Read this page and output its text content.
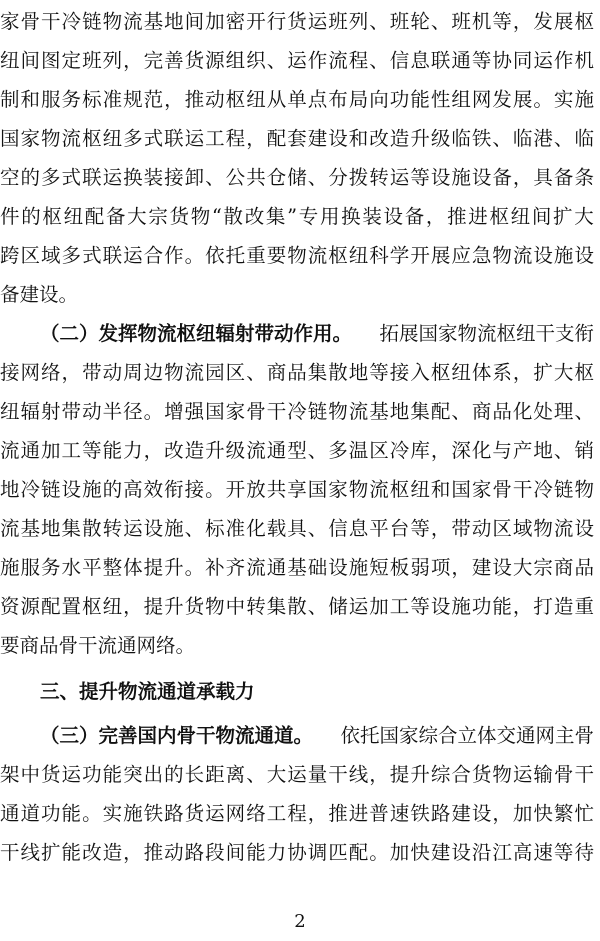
家 骨 干 冷 链 物 流 基 地 间 加 密 开 行 货 运 班 列 、 班 轮 、 班 机 等 ， 发 展 枢
纽 间 图 定 班 列 ， 完 善 货 源 组 织 、 运 作 流 程 、 信 息 联 通 等 协 同 运 作 机
制 和 服 务 标 准 规 范 ， 推 动 枢 纽 从 单 点 布 局 向 功 能 性 组 网 发 展 。 实 施
国 家 物 流 枢 纽 多 式 联 运 工 程 ， 配 套 建 设 和 改 造 升 级 临 铁 、 临 港 、 临
空 的 多 式 联 运 换 装 接 卸 、 公 共 仓 储 、 分 拨 转 运 等 设 施 设 备 ， 具 备 条
件 的 枢 纽 配 备 大 宗 货 物 “ 散 改 集 ” 专 用 换 装 设 备 ， 推 进 枢 纽 间 扩 大
跨 区 域 多 式 联 运 合 作 。 依 托 重 要 物 流 枢 纽 科 学 开 展 应 急 物 流 设 施 设
备建设。
（二）发挥物流枢纽辐射带动作用。 拓展国家物流枢纽干支衔
接 网 络 ， 带 动 周 边 物 流 园 区 、 商 品 集 散 地 等 接 入 枢 纽 体 系 ， 扩 大 枢
纽 辐 射 带 动 半 径 。 增 强 国 家 骨 干 冷 链 物 流 基 地 集 配 、 商 品 化 处 理 、
流 通 加 工 等 能 力 ， 改 造 升 级 流 通 型 、 多 温 区 冷 库 ， 深 化 与 产 地 、 销
地 冷 链 设 施 的 高 效 衔 接 。 开 放 共 享 国 家 物 流 枢 纽 和 国 家 骨 干 冷 链 物
流 基 地 集 散 转 运 设 施 、 标 准 化 载 具 、 信 息 平 台 等 ， 带 动 区 域 物 流 设
施 服 务 水 平 整 体 提 升 。 补 齐 流 通 基 础 设 施 短 板 弱 项 ， 建 设 大 宗 商 品
资 源 配 置 枢 纽 ， 提 升 货 物 中 转 集 散 、 储 运 加 工 等 设 施 功 能 ， 打 造 重
要商品骨干流通网络。
三、提升物流通道承载力
（三）完善国内骨干物流通道。 依托国家综合立体交通网主骨
架 中 货 运 功 能 突 出 的 长 距 离 、 大 运 量 干 线 ， 提 升 综 合 货 物 运 输 骨 干
通 道 功 能 。 实 施 铁 路 货 运 网 络 工 程 ， 推 进 普 速 铁 路 建 设 ， 加 快 繁 忙
干 线 扩 能 改 造 ， 推 动 路 段 间 能 力 协 调 匹 配 。 加 快 建 设 沿 江 高 速 等 待
2
